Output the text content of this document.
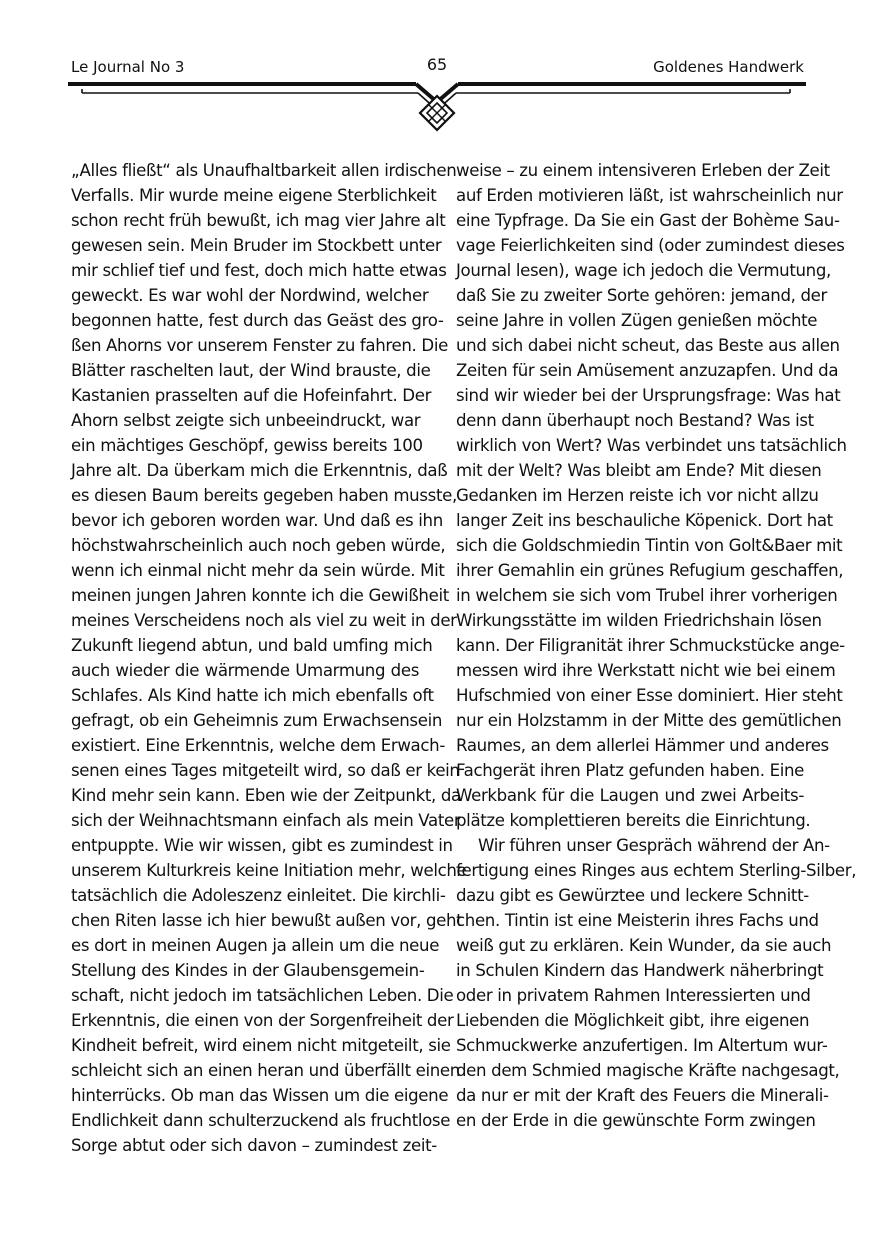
Le Journal No 3	65	Goldenes Handwerk
„Alles fließt“ als Unaufhaltbarkeit allen irdischen
Verfalls. Mir wurde meine eigene Sterblichkeit
schon recht früh bewußt, ich mag vier Jahre alt
gewesen sein. Mein Bruder im Stockbett unter
mir schlief tief und fest, doch mich hatte etwas
geweckt. Es war wohl der Nordwind, welcher
begonnen hatte, fest durch das Geäst des gro-
ßen Ahorns vor unserem Fenster zu fahren. Die
Blätter raschelten laut, der Wind brauste, die
Kastanien prasselten auf die Hofeinfahrt. Der
Ahorn selbst zeigte sich unbeeindruckt, war
ein mächtiges Geschöpf, gewiss bereits 100
Jahre alt. Da überkam mich die Erkenntnis, daß
es diesen Baum bereits gegeben haben musste,
bevor ich geboren worden war. Und daß es ihn
höchstwahrscheinlich auch noch geben würde,
wenn ich einmal nicht mehr da sein würde. Mit
meinen jungen Jahren konnte ich die Gewißheit
meines Verscheidens noch als viel zu weit in der
Zukunft liegend abtun, und bald umfing mich
auch wieder die wärmende Umarmung des
Schlafes. Als Kind hatte ich mich ebenfalls oft
gefragt, ob ein Geheimnis zum Erwachsensein
existiert. Eine Erkenntnis, welche dem Erwach-
senen eines Tages mitgeteilt wird, so daß er kein
Kind mehr sein kann. Eben wie der Zeitpunkt, da
sich der Weihnachtsmann einfach als mein Vater
entpuppte. Wie wir wissen, gibt es zumindest in
unserem Kulturkreis keine Initiation mehr, welche
tatsächlich die Adoleszenz einleitet. Die kirchli-
chen Riten lasse ich hier bewußt außen vor, geht
es dort in meinen Augen ja allein um die neue
Stellung des Kindes in der Glaubensgemein-
schaft, nicht jedoch im tatsächlichen Leben. Die
Erkenntnis, die einen von der Sorgenfreiheit der
Kindheit befreit, wird einem nicht mitgeteilt, sie
schleicht sich an einen heran und überfällt einen
hinterrücks. Ob man das Wissen um die eigene
Endlichkeit dann schulterzuckend als fruchtlose
Sorge abtut oder sich davon – zumindest zeit-
weise – zu einem intensiveren Erleben der Zeit
auf Erden motivieren läßt, ist wahrscheinlich nur
eine Typfrage. Da Sie ein Gast der Bohème Sau-
vage Feierlichkeiten sind (oder zumindest dieses
Journal lesen), wage ich jedoch die Vermutung,
daß Sie zu zweiter Sorte gehören: jemand, der
seine Jahre in vollen Zügen genießen möchte
und sich dabei nicht scheut, das Beste aus allen
Zeiten für sein Amüsement anzuzapfen. Und da
sind wir wieder bei der Ursprungsfrage: Was hat
denn dann überhaupt noch Bestand? Was ist
wirklich von Wert? Was verbindet uns tatsächlich
mit der Welt? Was bleibt am Ende? Mit diesen
Gedanken im Herzen reiste ich vor nicht allzu
langer Zeit ins beschauliche Köpenick. Dort hat
sich die Goldschmiedin Tintin von Golt&Baer mit
ihrer Gemahlin ein grünes Refugium geschaffen,
in welchem sie sich vom Trubel ihrer vorherigen
Wirkungsstätte im wilden Friedrichshain lösen
kann. Der Filigranität ihrer Schmuckstücke ange-
messen wird ihre Werkstatt nicht wie bei einem
Hufschmied von einer Esse dominiert. Hier steht
nur ein Holzstamm in der Mitte des gemütlichen
Raumes, an dem allerlei Hämmer und anderes
Fachgerät ihren Platz gefunden haben. Eine
Werkbank für die Laugen und zwei Arbeits-
plätze komplettieren bereits die Einrichtung.
Wir führen unser Gespräch während der An-
fertigung eines Ringes aus echtem Sterling-Silber,
dazu gibt es Gewürztee und leckere Schnitt-
chen. Tintin ist eine Meisterin ihres Fachs und
weiß gut zu erklären. Kein Wunder, da sie auch
in Schulen Kindern das Handwerk näherbringt
oder in privatem Rahmen Interessierten und
Liebenden die Möglichkeit gibt, ihre eigenen
Schmuckwerke anzufertigen. Im Altertum wur-
den dem Schmied magische Kräfte nachgesagt,
da nur er mit der Kraft des Feuers die Minerali-
en der Erde in die gewünschte Form zwingen
